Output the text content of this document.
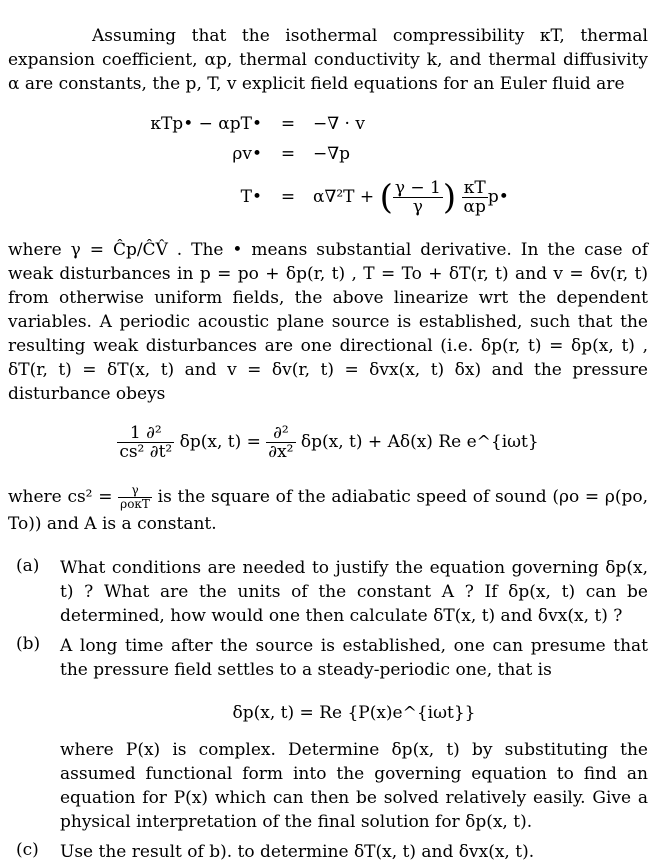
Assuming that the isothermal compressibility κT, thermal expansion coefficient, αp, thermal conductivity k, and thermal diffusivity α are constants, the p, T, v explicit field equations for an Euler fluid are

κTp• − αpT• = −∇ · v
ρv• = −∇p
T• = α∇²T + ( $\frac{\gamma - 1}{\gamma}$ ) $\frac{\kappa T}{\alpha p}$ p•

where γ = Ĉp/ĈV̂ . The • means substantial derivative. In the case of weak disturbances in p = po + δp(r, t) , T = To + δT(r, t) and v = δv(r, t) from otherwise uniform fields, the above linearize wrt the dependent variables. A periodic acoustic plane source is established, such that the resulting weak disturbances are one directional (i.e. δp(r, t) = δp(x, t) , δT(r, t) = δT(x, t) and v = δv(r, t) = δvx(x, t) δx) and the pressure disturbance obeys

$\frac{\text{1 ∂²}}{\text{cs² ∂t²}} \delta p(x$, $t) = \frac{\text{∂²}}{\text{∂x²}} \delta p(x$, t) + Aδ(x) Re e^{iωt}

where $cs^2 = \frac{\gamma}{\text{ρoκT}}$ is the square of the adiabatic speed of sound (ρo = ρ(po, To)) and A is a constant.

(a) What conditions are needed to justify the equation governing δp(x, t) ? What are the units of the constant A ? If δp(x, t) can be determined, how would one then calculate δT(x, t) and δvx(x, t) ?
(b) A long time after the source is established, one can presume that the pressure field settles to a steady-periodic one, that is
δp(x, t) = Re {P(x)e^{iωt}}
where P(x) is complex. Determine δp(x, t) by substituting the assumed functional form into the governing equation to find an equation for P(x) which can then be solved relatively easily. Give a physical interpretation of the final solution for δp(x, t).
(c) Use the result of b). to determine δT(x, t) and δvx(x, t).
